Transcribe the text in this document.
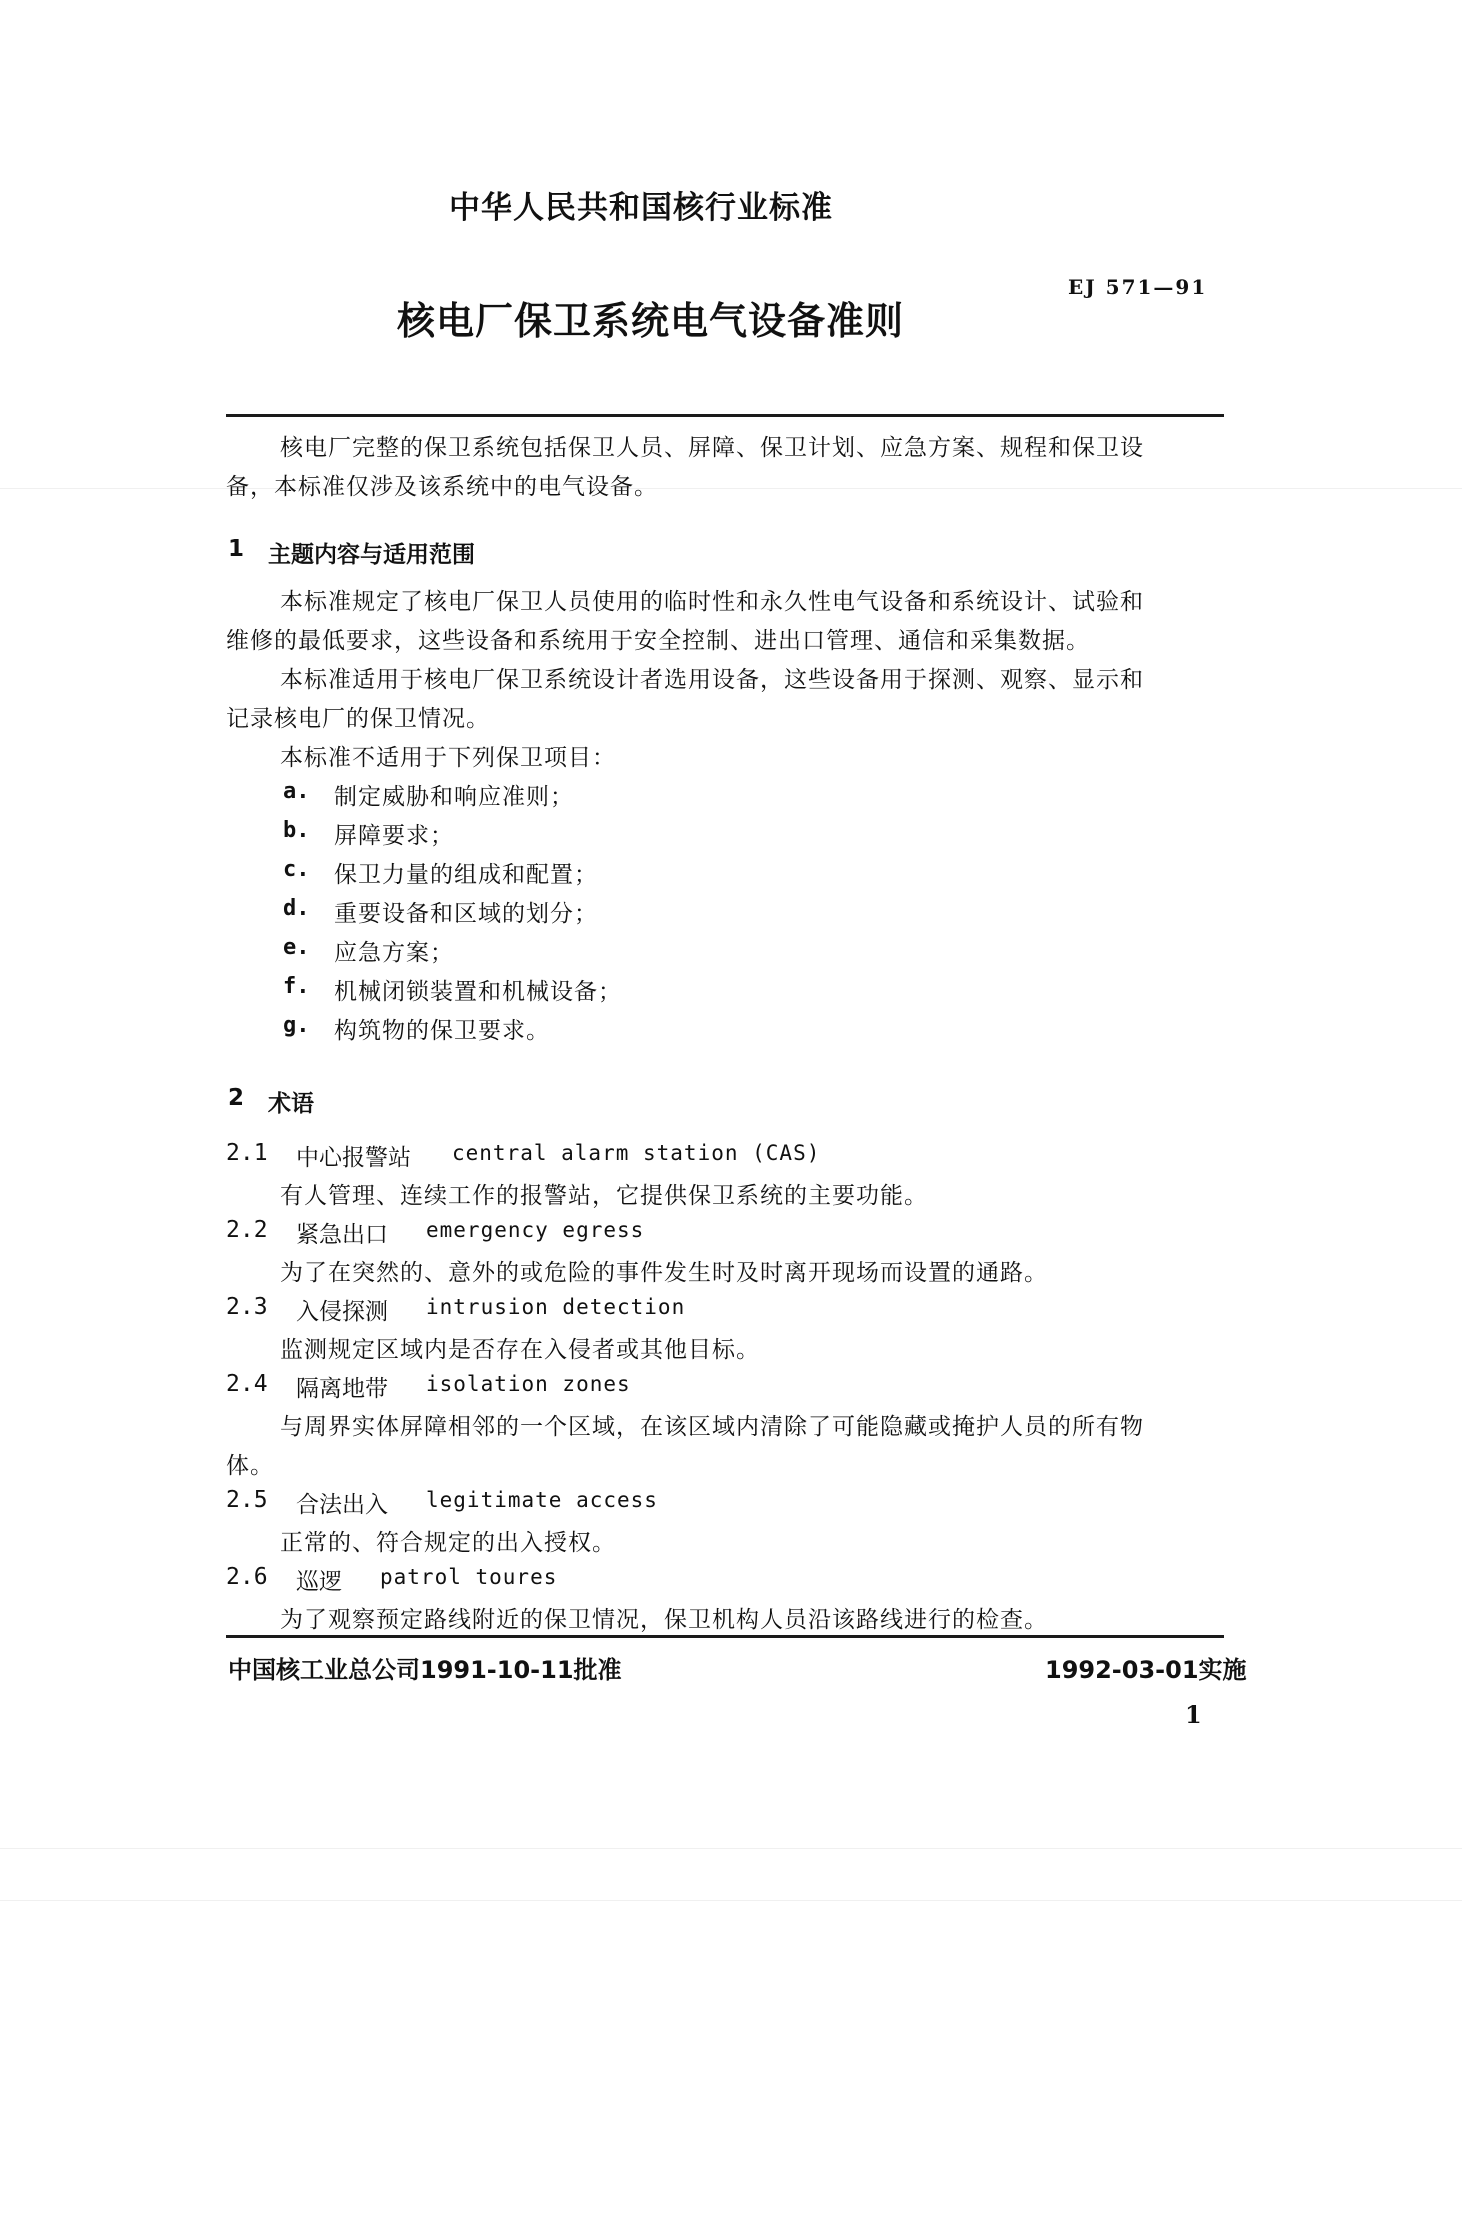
中华人民共和国核行业标准
EJ 571—91
核电厂保卫系统电气设备准则
核电厂完整的保卫系统包括保卫人员、屏障、保卫计划、应急方案、规程和保卫设
备，本标准仅涉及该系统中的电气设备。
1 主题内容与适用范围
本标准规定了核电厂保卫人员使用的临时性和永久性电气设备和系统设计、试验和
维修的最低要求，这些设备和系统用于安全控制、进出口管理、通信和采集数据。
本标准适用于核电厂保卫系统设计者选用设备，这些设备用于探测、观察、显示和
记录核电厂的保卫情况。
本标准不适用于下列保卫项目：
a. 制定威胁和响应准则；
b. 屏障要求；
c. 保卫力量的组成和配置；
d. 重要设备和区域的划分；
e. 应急方案；
f. 机械闭锁装置和机械设备；
g. 构筑物的保卫要求。
2 术语
2.1 中心报警站 central alarm station (CAS)
有人管理、连续工作的报警站，它提供保卫系统的主要功能。
2.2 紧急出口 emergency egress
为了在突然的、意外的或危险的事件发生时及时离开现场而设置的通路。
2.3 入侵探测 intrusion detection
监测规定区域内是否存在入侵者或其他目标。
2.4 隔离地带 isolation zones
与周界实体屏障相邻的一个区域，在该区域内清除了可能隐藏或掩护人员的所有物
体。
2.5 合法出入 legitimate access
正常的、符合规定的出入授权。
2.6 巡逻 patrol toures
为了观察预定路线附近的保卫情况，保卫机构人员沿该路线进行的检查。
中国核工业总公司1991-10-11批准	1992-03-01实施
1
